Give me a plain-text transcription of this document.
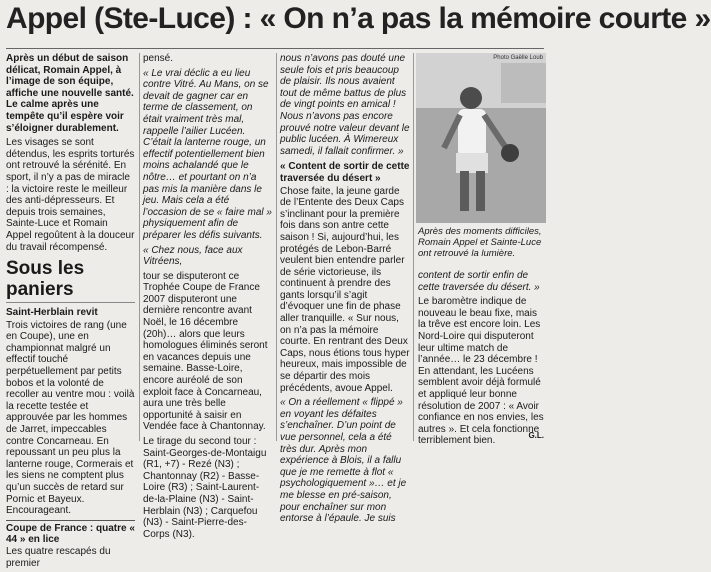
Appel (Ste-Luce) : « On n’a pas la mémoire courte »

Après un début de saison délicat, Romain Appel, à l’image de son équipe, affiche une nouvelle santé. Le calme après une tempête qu’il espère voir s’éloigner durablement.

Les visages se sont détendus, les esprits torturés ont retrouvé la sérénité. En sport, il n’y a pas de miracle : la victoire reste le meilleur des anti-dépresseurs. Et depuis trois semaines, Sainte-Luce et Romain Appel regoûtent à la douceur du travail récompensé.

Sous les paniers
Saint-Herblain revit

Trois victoires de rang (une en Coupe), une en championnat malgré un effectif touché perpétuellement par petits bobos et la volonté de recoller au ventre mou : voilà la recette testée et approuvée par les hommes de Jarret, impeccables contre Concarneau. En repoussant un peu plus la lanterne rouge, Cormerais et les siens ne comptent plus qu’un succès de retard sur Pornic et Bayeux. Encourageant.

Coupe de France : quatre « 44 » en lice

Les quatre rescapés du premier

pensé.

« Le vrai déclic a eu lieu contre Vitré. Au Mans, on se devait de gagner car en terme de classement, on était vraiment très mal, rappelle l’ailier Lucéen. C’était la lanterne rouge, un effectif potentiellement bien moins achalandé que le nôtre… et pourtant on n’a pas mis la manière dans le jeu. Mais cela a été l’occasion de se « faire mal » physiquement afin de préparer les défis suivants.

« Chez nous, face aux Vitréens,

tour se disputeront ce Trophée Coupe de France 2007 disputeront une dernière rencontre avant Noël, le 16 décembre (20h)… alors que leurs homologues éliminés seront en vacances depuis une semaine. Basse-Loire, encore auréolé de son exploit face à Concarneau, aura une très belle opportunité à saisir en Vendée face à Chantonnay.

Le tirage du second tour : Saint-Georges-de-Montaigu (R1, +7) - Rezé (N3) ; Chantonnay (R2) - Basse-Loire (R3) ; Saint-Laurent-de-la-Plaine (N3) - Saint-Herblain (N3) ; Carquefou (N3) - Saint-Pierre-des-Corps (N3).

nous n’avons pas douté une seule fois et pris beaucoup de plaisir. Ils nous avaient tout de même battus de plus de vingt points en amical ! Nous n’avons pas encore prouvé notre valeur devant le public lucéen. À Wimereux samedi, il fallait confirmer. »

« Content de sortir de cette traversée du désert »

Chose faite, la jeune garde de l’Entente des Deux Caps s’inclinant pour la première fois dans son antre cette saison ! Si, aujourd’hui, les protégés de Lebon-Barré veulent bien entendre parler de série victorieuse, ils continuent à prendre des gants lorsqu’il s’agit d’évoquer une fin de phase aller tranquille. « Sur nous, on n’a pas la mémoire courte. En rentrant des Deux Caps, nous étions tous hyper heureux, mais impossible de se départir des mois précédents, avoue Appel.

« On a réellement « flippé » en voyant les défaites s’enchaîner. D’un point de vue personnel, cela a été très dur. Après mon expérience à Blois, il a fallu que je me remette à flot « psychologiquement »… et je me blesse en pré-saison, pour enchaîner sur mon entorse à l’épaule. Je suis

Photo Gaëlle Loub
Après des moments difficiles, Romain Appel et Sainte-Luce ont retrouvé la lumière.

content de sortir enfin de cette traversée du désert. »

Le baromètre indique de nouveau le beau fixe, mais la trêve est encore loin. Les Nord-Loire qui disputeront leur ultime match de l’année… le 23 décembre ! En attendant, les Lucéens semblent avoir déjà formulé et appliqué leur bonne résolution de 2007 : « Avoir confiance en nos envies, les autres ». Et cela fonctionne terriblement bien.	G.L.
